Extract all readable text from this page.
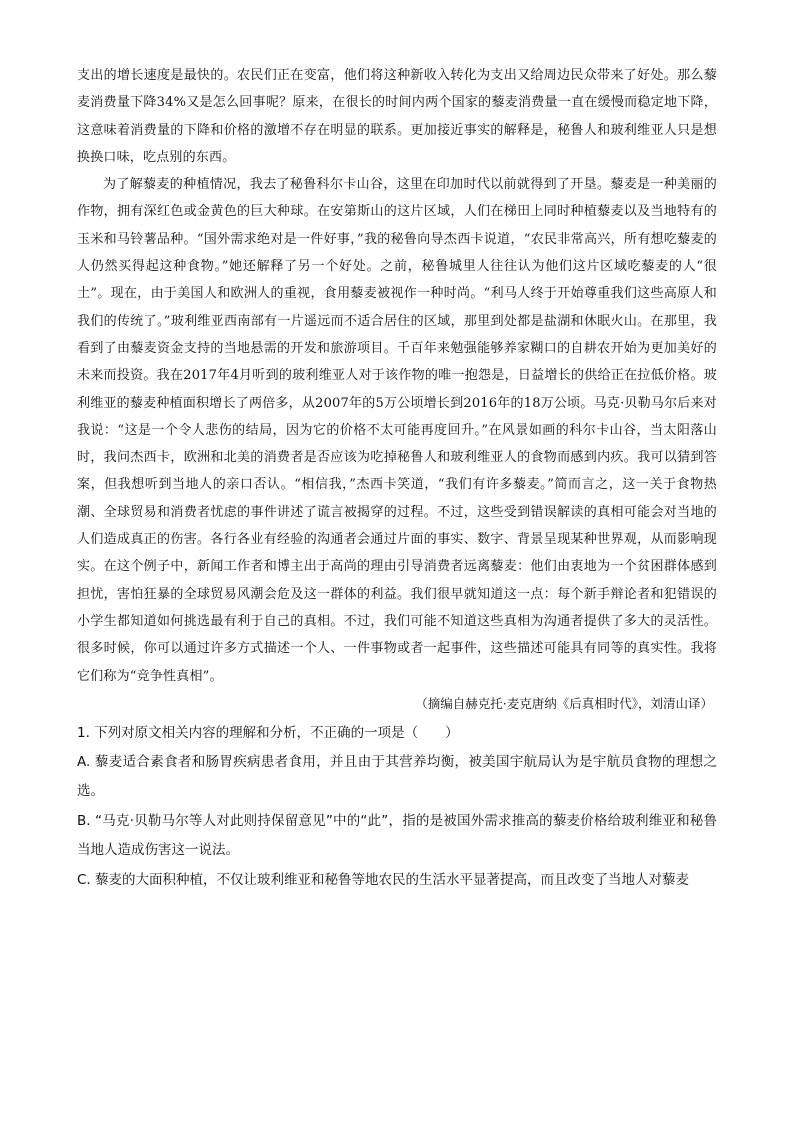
支出的增长速度是最快的。农民们正在变富，他们将这种新收入转化为支出又给周边民众带来了好处。那么藜麦消费量下降34%又是怎么回事呢？原来，在很长的时间内两个国家的藜麦消费量一直在缓慢而稳定地下降，这意味着消费量的下降和价格的激增不存在明显的联系。更加接近事实的解释是，秘鲁人和玻利维亚人只是想换换口味，吃点别的东西。

为了解藜麦的种植情况，我去了秘鲁科尔卡山谷，这里在印加时代以前就得到了开垦。藜麦是一种美丽的作物，拥有深红色或金黄色的巨大种球。在安第斯山的这片区域，人们在梯田上同时种植藜麦以及当地特有的玉米和马铃薯品种。“国外需求绝对是一件好事，”我的秘鲁向导杰西卡说道，“农民非常高兴，所有想吃藜麦的人仍然买得起这种食物。”她还解释了另一个好处。之前，秘鲁城里人往往认为他们这片区域吃藜麦的人“很土”。现在，由于美国人和欧洲人的重视，食用藜麦被视作一种时尚。“利马人终于开始尊重我们这些高原人和我们的传统了。”玻利维亚西南部有一片遥远而不适合居住的区域，那里到处都是盐湖和休眠火山。在那里，我看到了由藜麦资金支持的当地悬需的开发和旅游项目。千百年来勉强能够养家糊口的自耕农开始为更加美好的未来而投资。我在2017年4月听到的玻利维亚人对于该作物的唯一抱怨是，日益增长的供给正在拉低价格。玻利维亚的藜麦种植面积增长了两倍多，从2007年的5万公顷增长到2016年的18万公顷。马克·贝勒马尔后来对我说：“这是一个令人悲伤的结局，因为它的价格不太可能再度回升。”在风景如画的科尔卡山谷，当太阳落山时，我问杰西卡，欧洲和北美的消费者是否应该为吃掉秘鲁人和玻利维亚人的食物而感到内疚。我可以猜到答案，但我想听到当地人的亲口否认。“相信我，”杰西卡笑道，“我们有许多藜麦。”简而言之，这一关于食物热潮、全球贸易和消费者忧虑的事件讲述了谎言被揭穿的过程。不过，这些受到错误解读的真相可能会对当地的人们造成真正的伤害。各行各业有经验的沟通者会通过片面的事实、数字、背景呈现某种世界观，从而影响现实。在这个例子中，新闻工作者和博主出于高尚的理由引导消费者远离藜麦：他们由衷地为一个贫困群体感到担忧，害怕狂暴的全球贸易风潮会危及这一群体的利益。我们很早就知道这一点：每个新手辩论者和犯错误的小学生都知道如何挑选最有利于自己的真相。不过，我们可能不知道这些真相为沟通者提供了多大的灵活性。很多时候，你可以通过许多方式描述一个人、一件事物或者一起事件，这些描述可能具有同等的真实性。我将它们称为“竞争性真相”。

（摘编自赫克托·麦克唐纳《后真相时代》，刘清山译）

1. 下列对原文相关内容的理解和分析，不正确的一项是（　　）

A. 藜麦适合素食者和肠胃疾病患者食用，并且由于其营养均衡，被美国宇航局认为是宇航员食物的理想之选。

B. “马克·贝勒马尔等人对此则持保留意见”中的“此”，指的是被国外需求推高的藜麦价格给玻利维亚和秘鲁当地人造成伤害这一说法。

C. 藜麦的大面积种植，不仅让玻利维亚和秘鲁等地农民的生活水平显著提高，而且改变了当地人对藜麦
